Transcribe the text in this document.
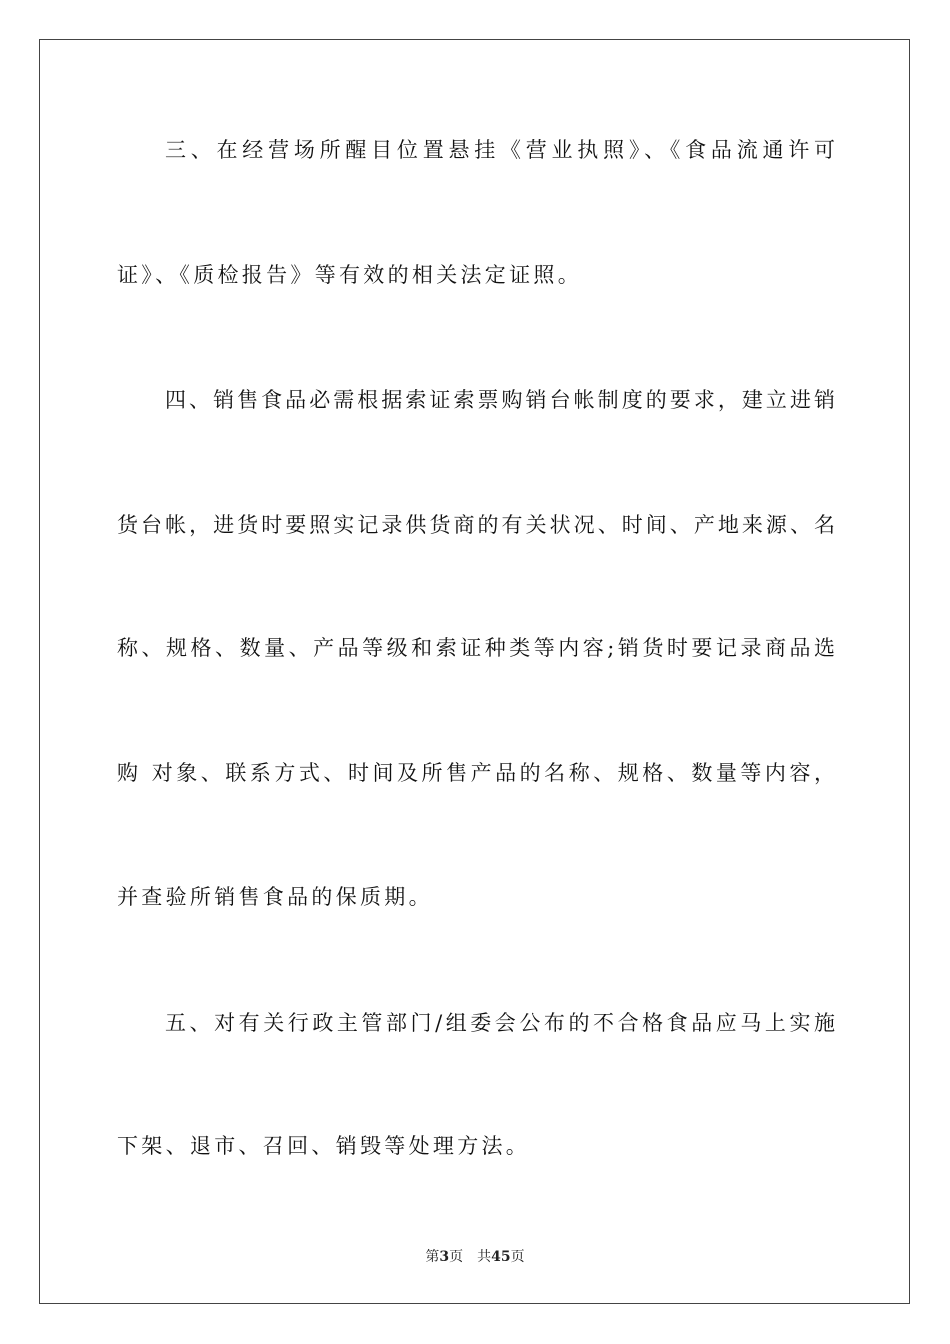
三、在经营场所醒目位置悬挂《营业执照》、《食品流通许可
证》、《质检报告》等有效的相关法定证照。
四、销售食品必需根据索证索票购销台帐制度的要求，建立进销
货台帐，进货时要照实记录供货商的有关状况、时间、产地来源、名
称、规格、数量、产品等级和索证种类等内容;销货时要记录商品选
购 对象、联系方式、时间及所售产品的名称、规格、数量等内容，
并查验所销售食品的保质期。
五、对有关行政主管部门/组委会公布的不合格食品应马上实施
下架、退市、召回、销毁等处理方法。
第3页 共45页
